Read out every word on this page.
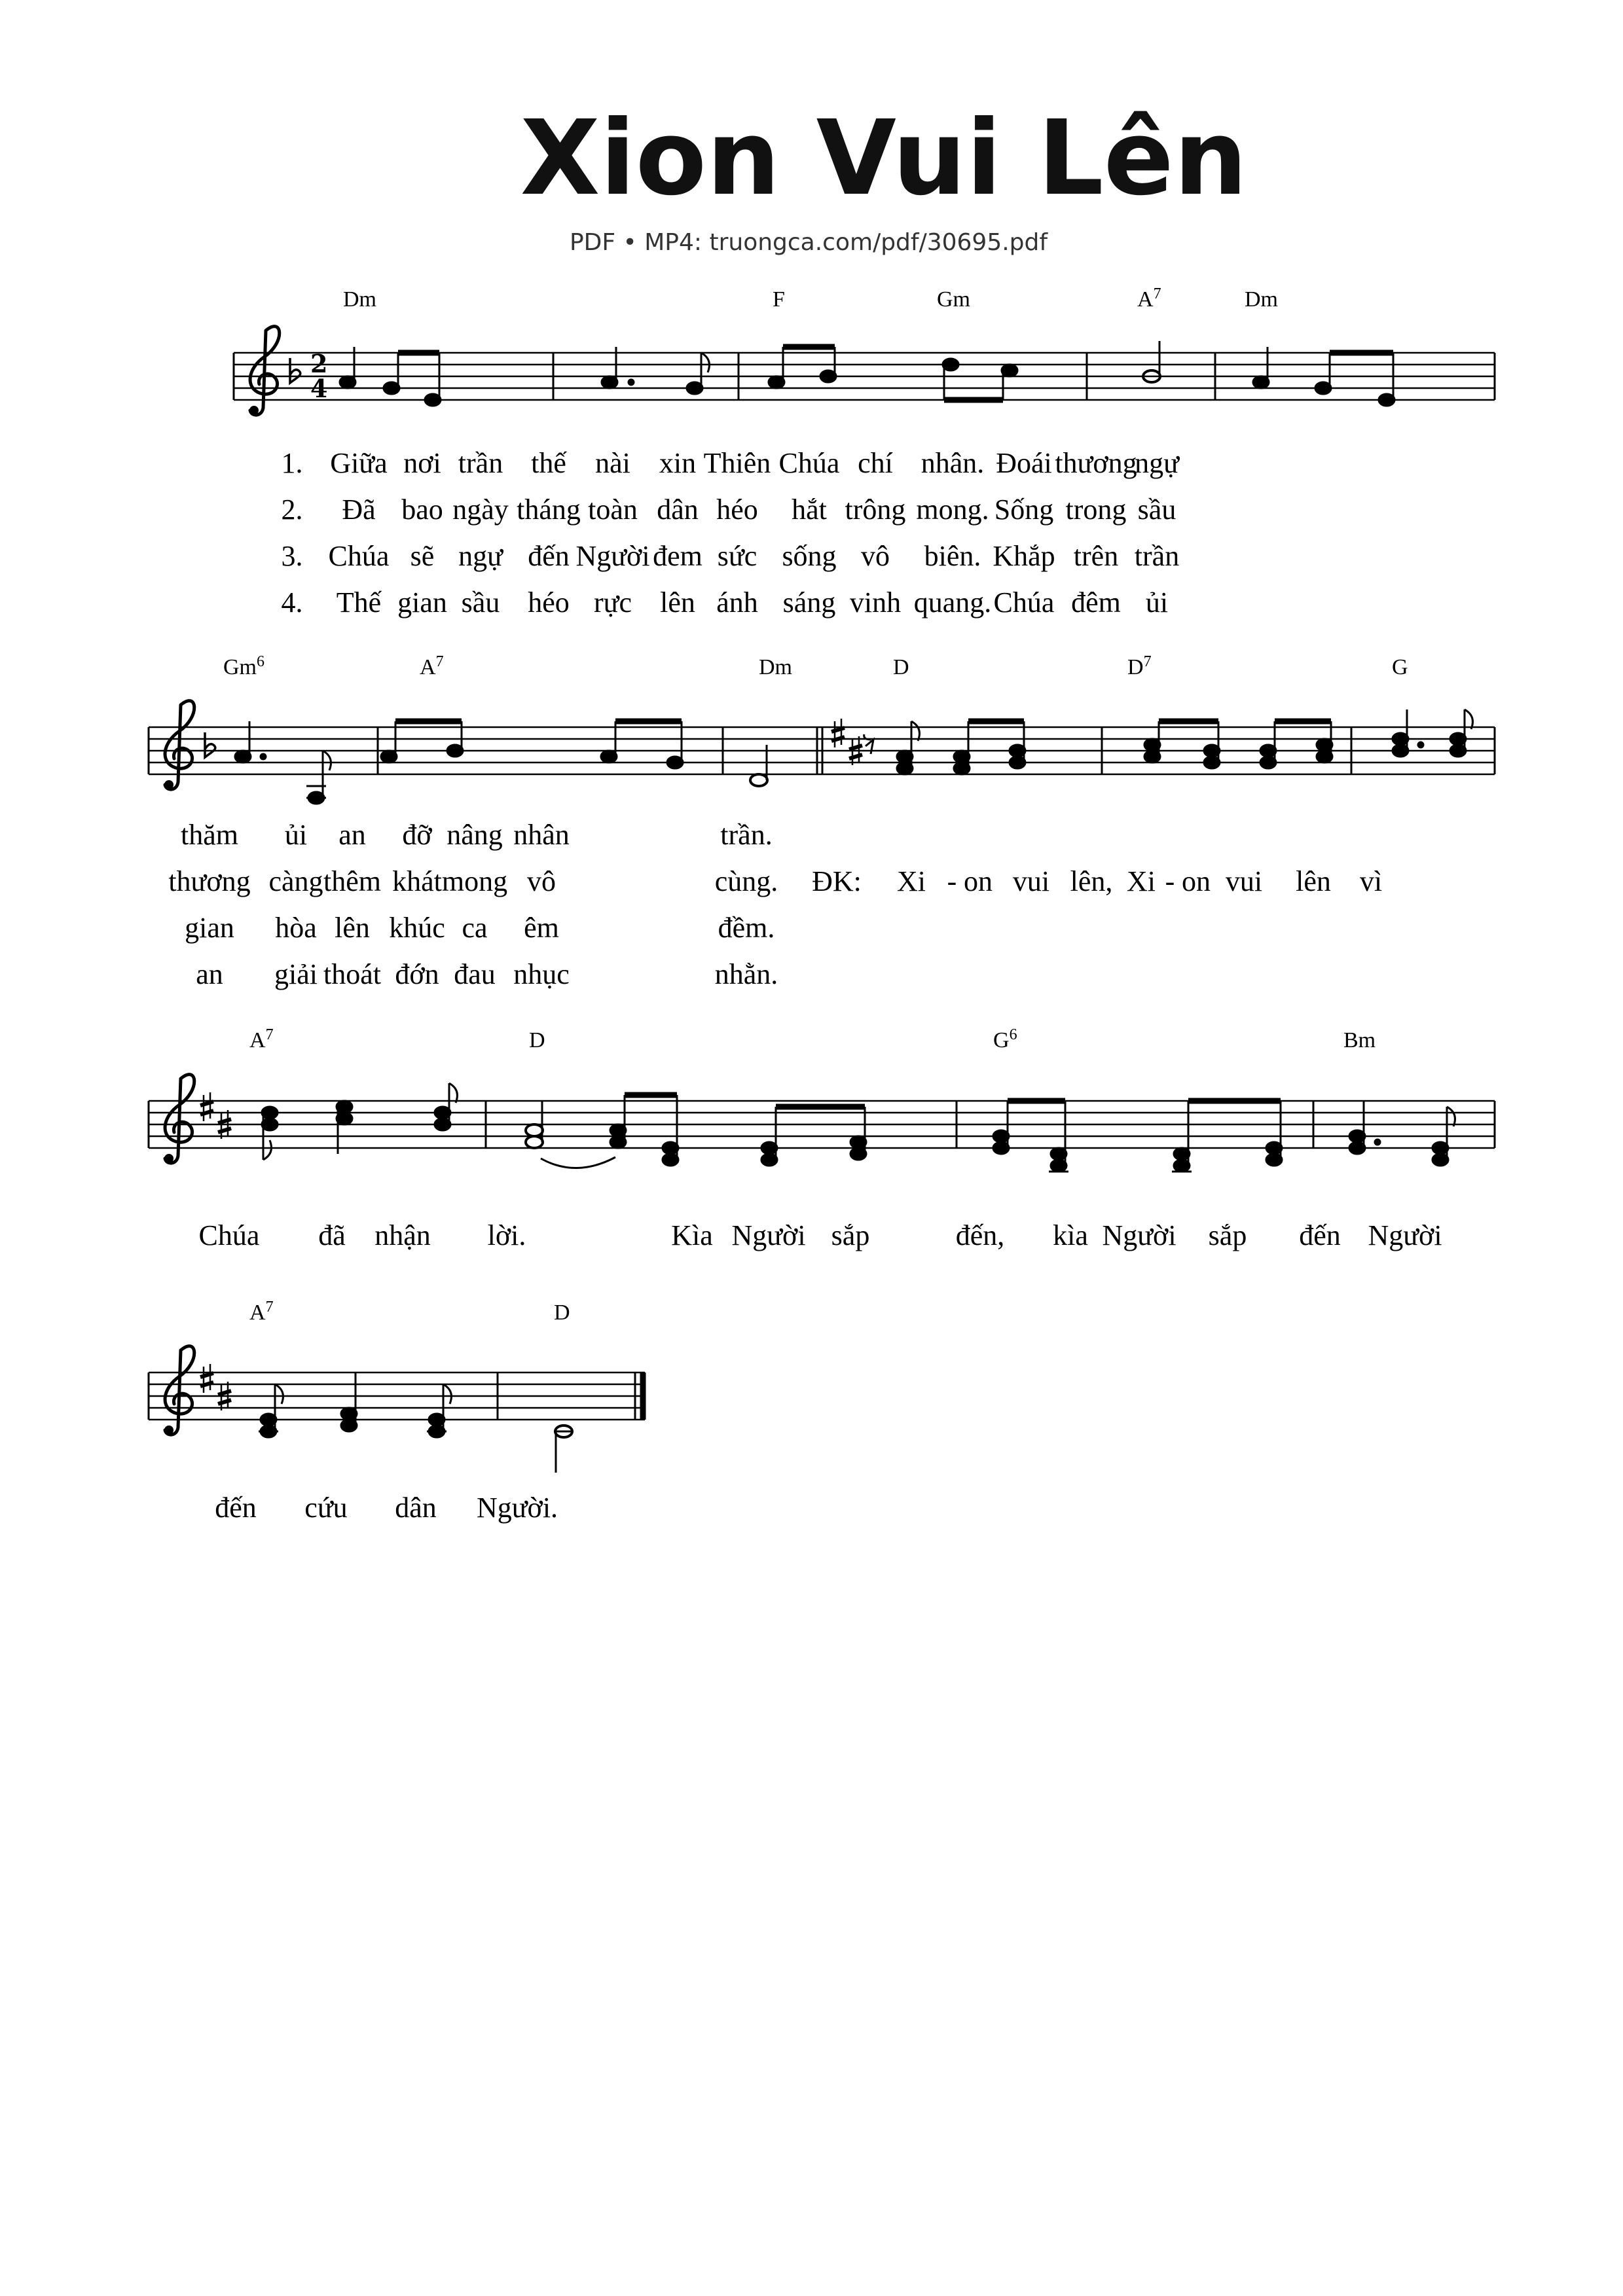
Xion Vui Lên
PDF • MP4: truongca.com/pdf/30695.pdf
2
4
Dm	F	Gm	$A^7$	Dm
1. Giữa nơi trần thế nài xin Thiên Chúa chí nhân. Đoái thương
ngự
2. Đã bao ngày tháng toàn dân héo hắt trông mong. Sống trong sầu
3. Chúa sẽ ngự đến Người đem sức sống vô biên. Khắp trên trần
4. Thế gian sầu héo rực lên ánh sáng vinh quang. Chúa đêm ủi
Gm$^6$	$A^7$	Dm	D	$D^7$	G
thăm ủi an đỡ nâng nhân	trần.
thương càng thêm khát mong vô	cùng. ĐK: Xi - on vui lên, Xi - on vui lên vì
gian hòa lên khúc ca êm	đềm.
an giải thoát đớn đau nhục	nhằn.
$A^7$	D	$G^6$	Bm
Chúa đã nhận lời.	Kìa Người sắp	đến, kìa Người sắp đến Người
$A^7$	D
đến cứu dân Người.
